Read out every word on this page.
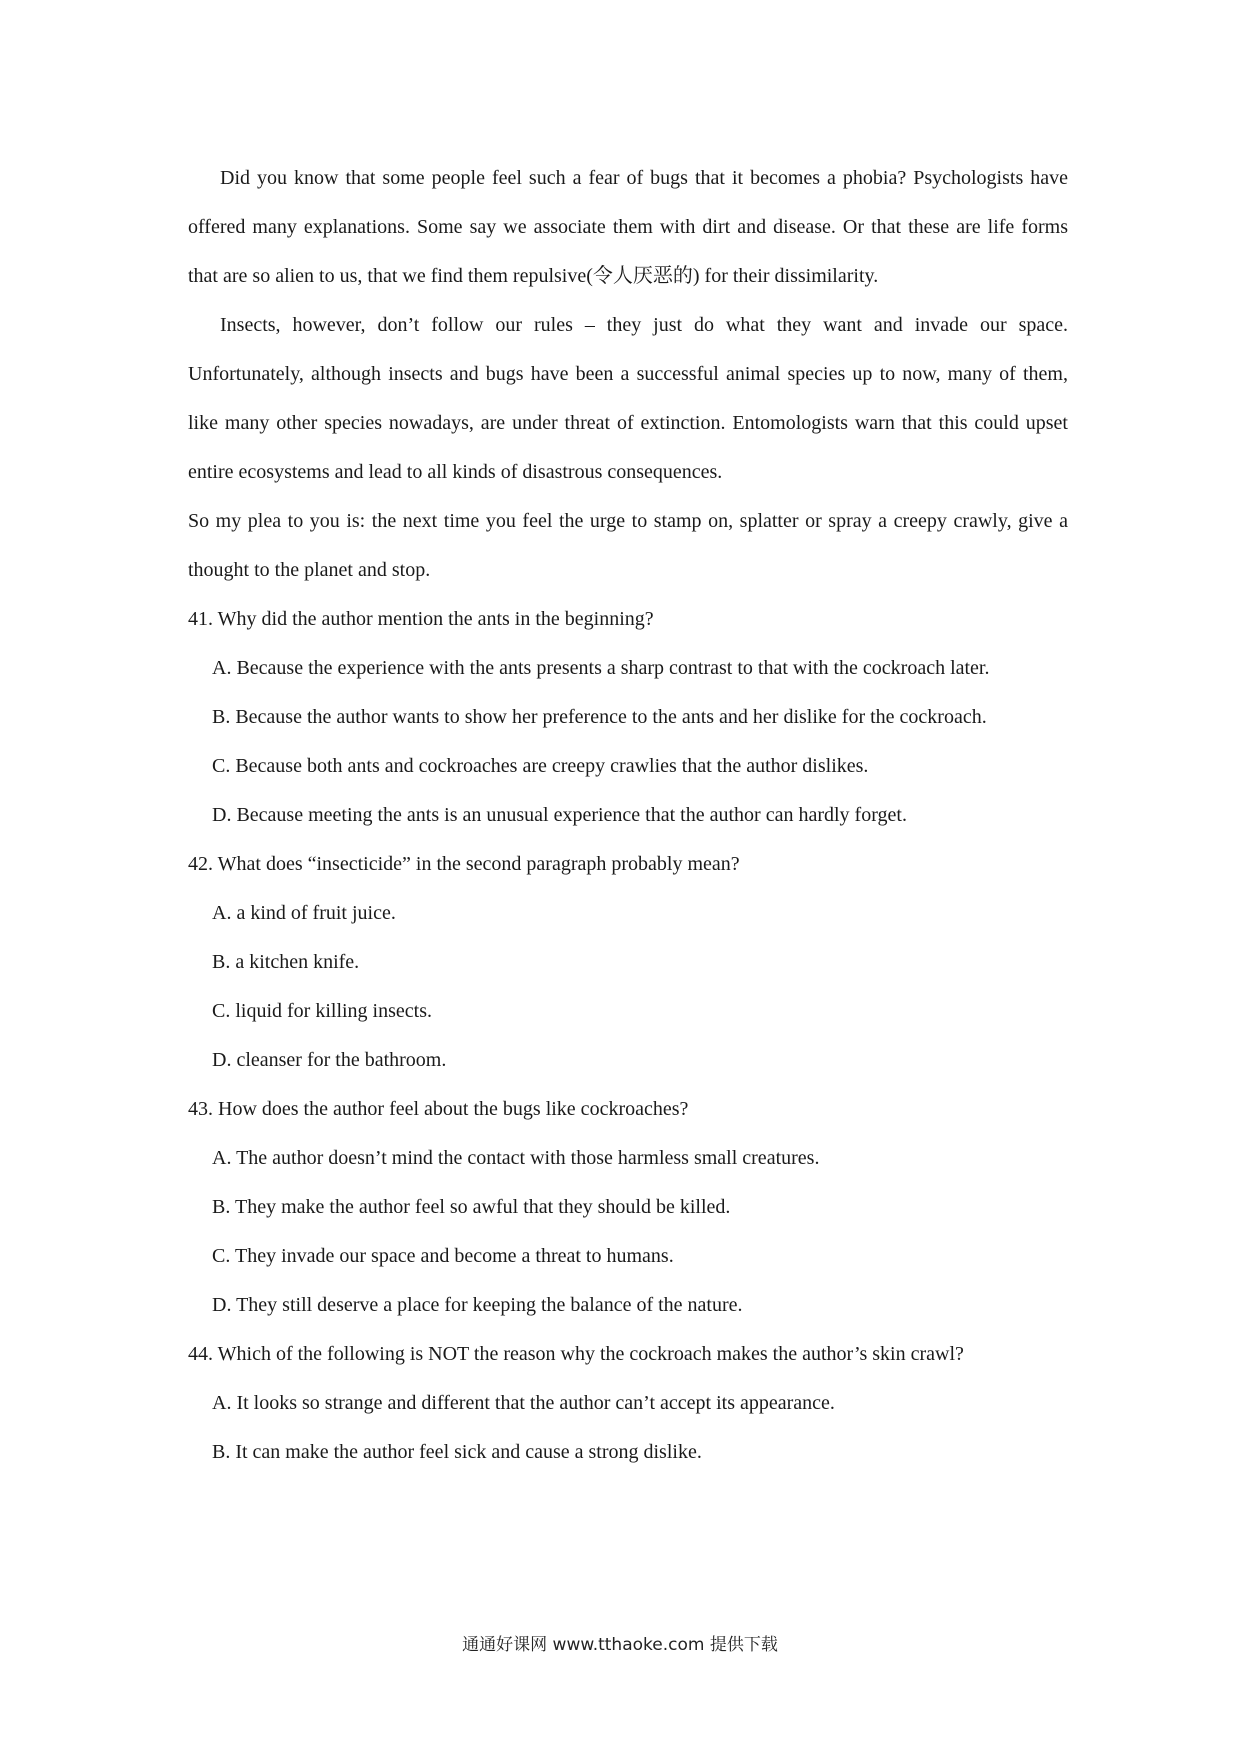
Did you know that some people feel such a fear of bugs that it becomes a phobia? Psychologists have offered many explanations. Some say we associate them with dirt and disease. Or that these are life forms that are so alien to us, that we find them repulsive(令人厌恶的) for their dissimilarity.

Insects, however, don’t follow our rules – they just do what they want and invade our space. Unfortunately, although insects and bugs have been a successful animal species up to now, many of them, like many other species nowadays, are under threat of extinction. Entomologists warn that this could upset entire ecosystems and lead to all kinds of disastrous consequences.

So my plea to you is: the next time you feel the urge to stamp on, splatter or spray a creepy crawly, give a thought to the planet and stop.

41. Why did the author mention the ants in the beginning?

A. Because the experience with the ants presents a sharp contrast to that with the cockroach later.
B. Because the author wants to show her preference to the ants and her dislike for the cockroach.
C. Because both ants and cockroaches are creepy crawlies that the author dislikes.
D. Because meeting the ants is an unusual experience that the author can hardly forget.

42. What does “insecticide” in the second paragraph probably mean?

A. a kind of fruit juice.
B. a kitchen knife.
C. liquid for killing insects.
D. cleanser for the bathroom.

43. How does the author feel about the bugs like cockroaches?

A. The author doesn’t mind the contact with those harmless small creatures.
B. They make the author feel so awful that they should be killed.
C. They invade our space and become a threat to humans.
D. They still deserve a place for keeping the balance of the nature.

44. Which of the following is NOT the reason why the cockroach makes the author’s skin crawl?

A. It looks so strange and different that the author can’t accept its appearance.
B. It can make the author feel sick and cause a strong dislike.
通通好课网 www.tthaoke.com 提供下载
